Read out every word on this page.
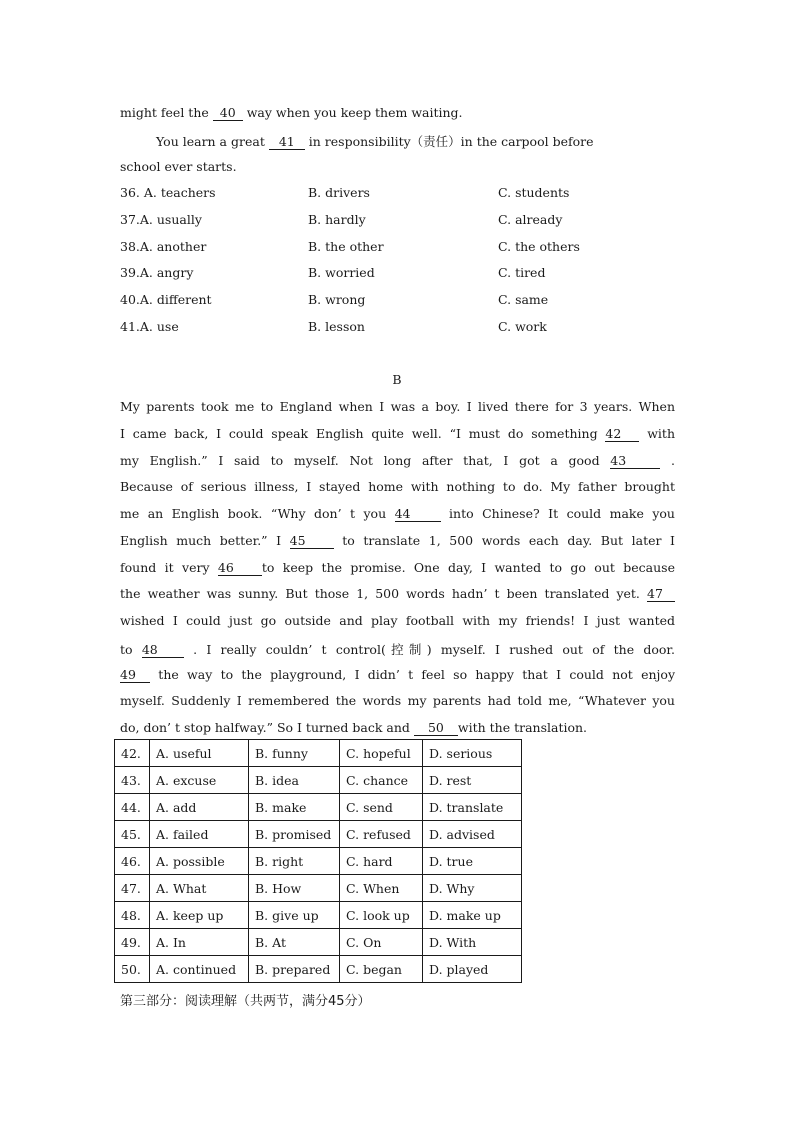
might feel the 40 way when you keep them waiting.
You learn a great 41 in responsibility（责任）in the carpool before
school ever starts.
36. A. teachers	B. drivers	C. students
37.A. usually	B. hardly	C. already
38.A. another	B. the other	C. the others
39.A. angry	B. worried	C. tired
40.A. different	B. wrong	C. same
41.A. use	B. lesson	C. work
B
My parents took me to England when I was a boy. I lived there for 3 years. When
I came back, I could speak English quite well. “I must do something 42 with
my English.” I said to myself. Not long after that, I got a good 43	.
Because of serious illness, I stayed home with nothing to do. My father brought
me an English book. “Why don’ t you 44 into Chinese? It could make you
English much better.” I 45 to translate 1, 500 words each day. But later I
found it very 46 to keep the promise. One day, I wanted to go out because
the weather was sunny. But those 1, 500 words hadn’ t been translated yet. 47
wished I could just go outside and play football with my friends! I just wanted
to 48 . I really couldn’ t control(控制) myself. I rushed out of the door.
49 the way to the playground, I didn’ t feel so happy that I could not enjoy
myself. Suddenly I remembered the words my parents had told me, “Whatever you
do, don’ t stop halfway.” So I turned back and 50 with the translation.
42.	A. useful	B. funny	C. hopeful	D. serious
43.	A. excuse	B. idea	C. chance	D. rest
44.	A. add	B. make	C. send	D. translate
45.	A. failed	B. promised	C. refused	D. advised
46.	A. possible	B. right	C. hard	D. true
47.	A. What	B. How	C. When	D. Why
48.	A. keep up	B. give up	C. look up	D. make up
49.	A. In	B. At	C. On	D. With
50.	A. continued	B. prepared	C. began	D. played
第三部分：阅读理解（共两节，满分45分）
